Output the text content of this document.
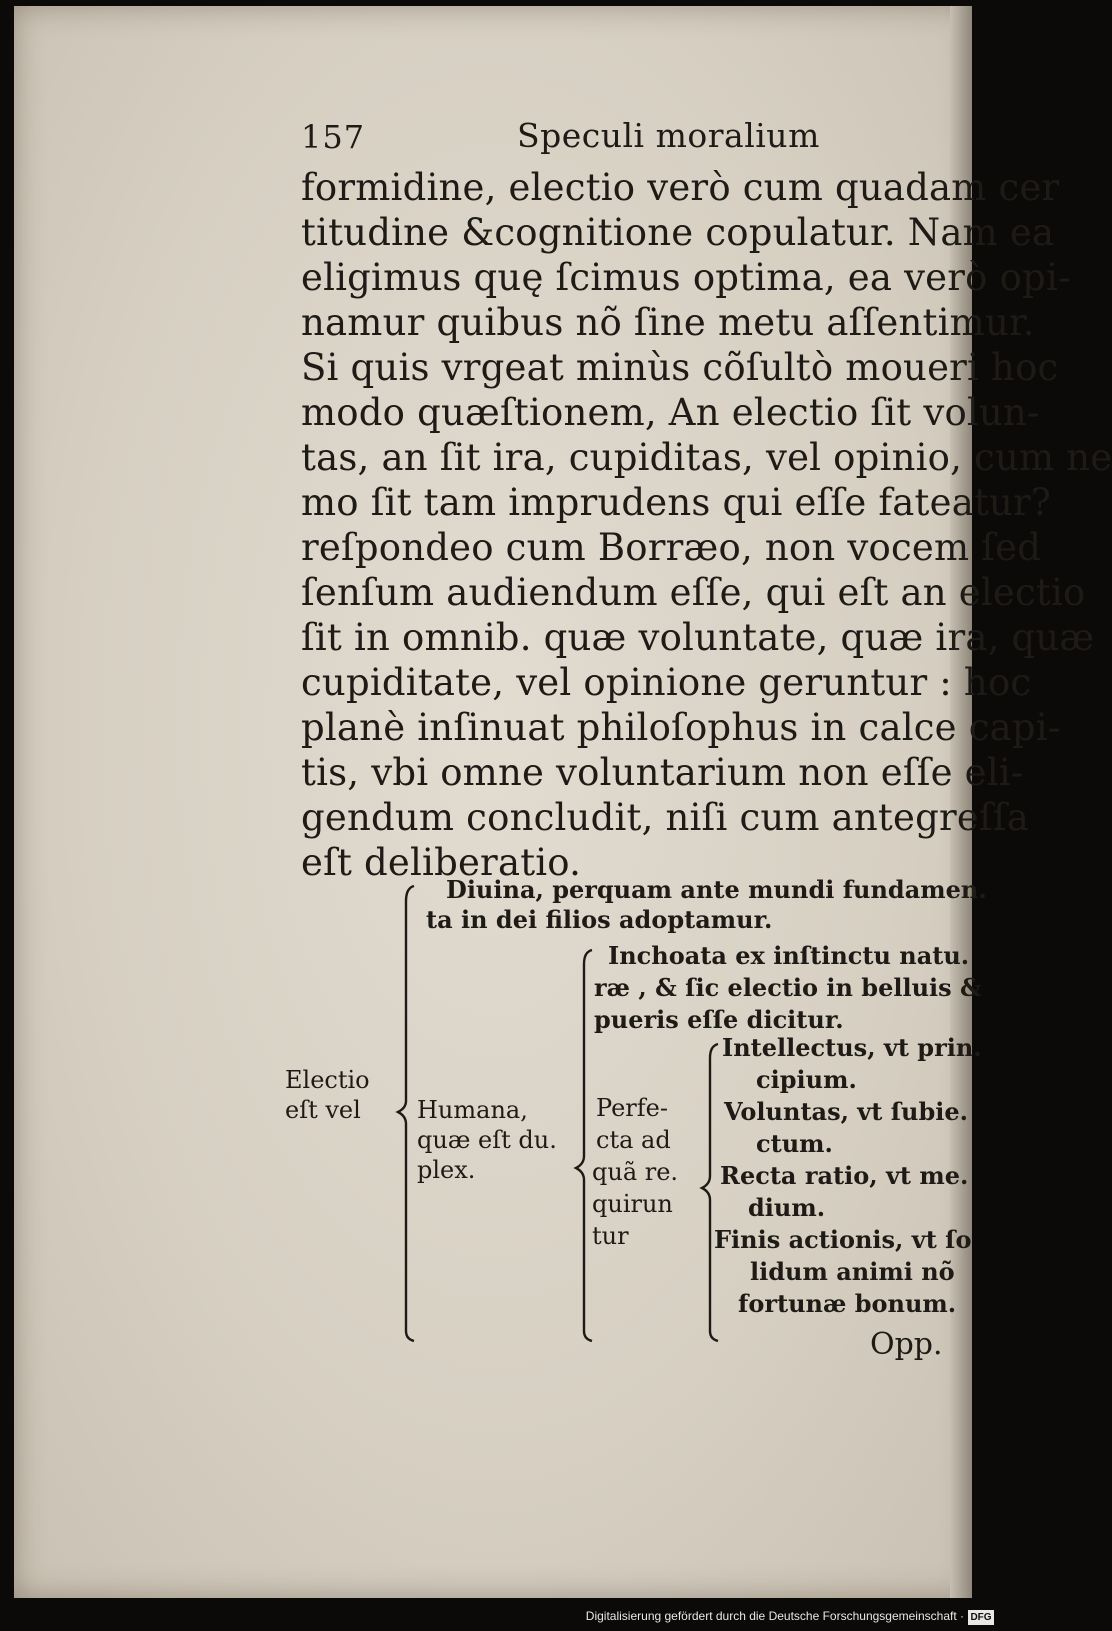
157	Speculi moralium
formidine, electio verò cum quadam cer
titudine &cognitione copulatur. Nam ea
eligimus quę ſcimus optima, ea verò opi-
namur quibus nõ ſine metu aſſentimur.
Si quis vrgeat minùs cõſultò moueri hoc
modo quæſtionem, An electio ſit volun-
tas, an ſit ira, cupiditas, vel opinio, cum ne
mo ſit tam imprudens qui eſſe fateatur?
reſpondeo cum Borræo, non vocem ſed
ſenſum audiendum eſſe, qui eſt an electio
ſit in omnib. quæ voluntate, quæ ira, quæ
cupiditate, vel opinione geruntur : hoc
planè inſinuat philoſophus in calce capi-
tis, vbi omne voluntarium non eſſe eli-
gendum concludit, niſi cum antegreſſa
eſt deliberatio.
Electio
eſt vel
Diuina, perquam ante mundi fundamen.
ta in dei filios adoptamur.
Humana,
quæ eſt du.
plex.
Inchoata ex inſtinctu natu.
ræ , & ſic electio in belluis &
pueris eſſe dicitur.
Perfe-
cta ad
quã re.
quirun
tur
Intellectus, vt prin.
cipium.
Voluntas, vt ſubie.
ctum.
Recta ratio, vt me.
dium.
Finis actionis, vt ſo
lidum animi nõ
fortunæ bonum.
Opp.
Digitalisierung gefördert durch die Deutsche Forschungsgemeinschaft · DFG
